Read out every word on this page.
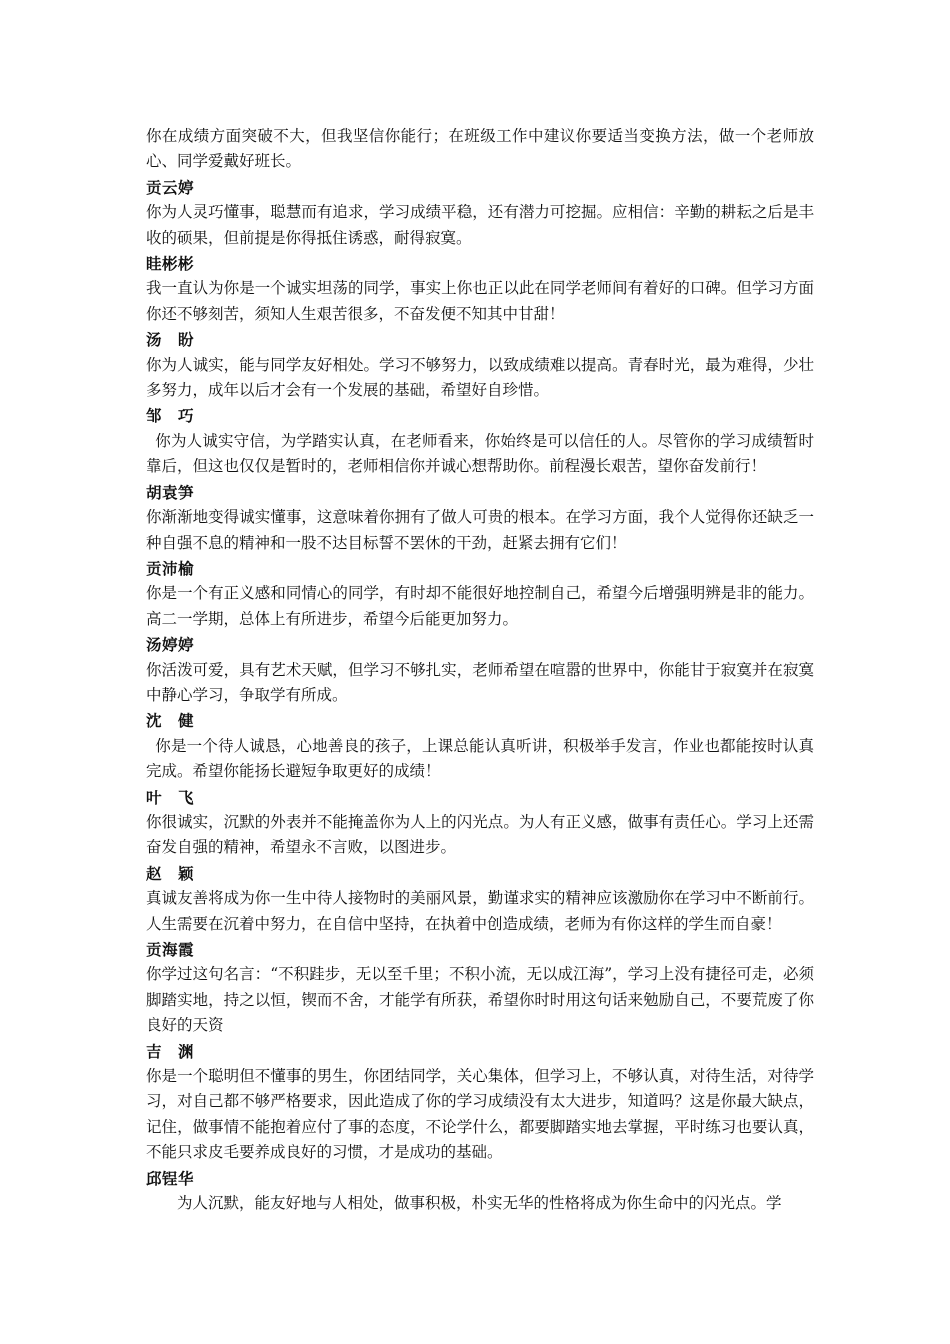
你在成绩方面突破不大，但我坚信你能行；在班级工作中建议你要适当变换方法，做一个老师放心、同学爱戴好班长。

贡云婷

你为人灵巧懂事，聪慧而有追求，学习成绩平稳，还有潜力可挖掘。应相信：辛勤的耕耘之后是丰收的硕果，但前提是你得抵住诱惑，耐得寂寞。

眭彬彬

我一直认为你是一个诚实坦荡的同学，事实上你也正以此在同学老师间有着好的口碑。但学习方面你还不够刻苦，须知人生艰苦很多，不奋发便不知其中甘甜！

汤　盼

你为人诚实，能与同学友好相处。学习不够努力，以致成绩难以提高。青春时光，最为难得，少壮多努力，成年以后才会有一个发展的基础，希望好自珍惜。

邹　巧

你为人诚实守信，为学踏实认真，在老师看来，你始终是可以信任的人。尽管你的学习成绩暂时靠后，但这也仅仅是暂时的，老师相信你并诚心想帮助你。前程漫长艰苦，望你奋发前行！

胡袁笋

你渐渐地变得诚实懂事，这意味着你拥有了做人可贵的根本。在学习方面，我个人觉得你还缺乏一种自强不息的精神和一股不达目标誓不罢休的干劲，赶紧去拥有它们！

贡沛榆

你是一个有正义感和同情心的同学，有时却不能很好地控制自己，希望今后增强明辨是非的能力。高二一学期，总体上有所进步，希望今后能更加努力。

汤婷婷

你活泼可爱，具有艺术天赋，但学习不够扎实，老师希望在喧嚣的世界中，你能甘于寂寞并在寂寞中静心学习，争取学有所成。

沈　健

你是一个待人诚恳，心地善良的孩子，上课总能认真听讲，积极举手发言，作业也都能按时认真完成。希望你能扬长避短争取更好的成绩！

叶　飞

你很诚实，沉默的外表并不能掩盖你为人上的闪光点。为人有正义感，做事有责任心。学习上还需奋发自强的精神，希望永不言败，以图进步。

赵　颖

真诚友善将成为你一生中待人接物时的美丽风景，勤谨求实的精神应该激励你在学习中不断前行。人生需要在沉着中努力，在自信中坚持，在执着中创造成绩，老师为有你这样的学生而自豪！

贡海霞

你学过这句名言：“不积跬步，无以至千里；不积小流，无以成江海”，学习上没有捷径可走，必须脚踏实地，持之以恒，锲而不舍，才能学有所获，希望你时时用这句话来勉励自己，不要荒废了你良好的天资

吉　渊

你是一个聪明但不懂事的男生，你团结同学，关心集体，但学习上，不够认真，对待生活，对待学习，对自己都不够严格要求，因此造成了你的学习成绩没有太大进步，知道吗？这是你最大缺点，记住，做事情不能抱着应付了事的态度，不论学什么，都要脚踏实地去掌握，平时练习也要认真，不能只求皮毛要养成良好的习惯，才是成功的基础。

邱锃华

为人沉默，能友好地与人相处，做事积极，朴实无华的性格将成为你生命中的闪光点。学
